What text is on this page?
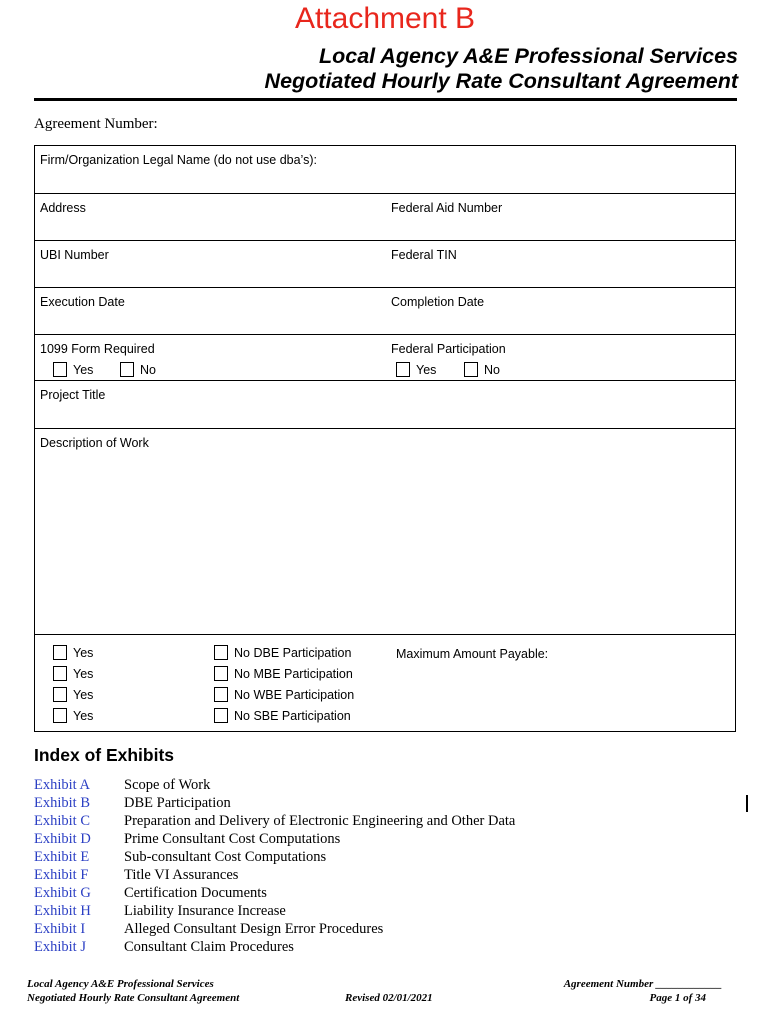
Attachment B
Local Agency A&E Professional Services
Negotiated Hourly Rate Consultant Agreement
Agreement Number:
Firm/Organization Legal Name (do not use dba’s):
Address	Federal Aid Number
UBI Number	Federal TIN
Execution Date	Completion Date
1099 Form Required	Federal Participation
Yes	No	Yes	No
Project Title
Description of Work
Maximum Amount Payable:
Yes	No DBE Participation
Yes	No MBE Participation
Yes	No WBE Participation
Yes	No SBE Participation
Index of Exhibits
Exhibit A Scope of Work
Exhibit B DBE Participation
Exhibit C Preparation and Delivery of Electronic Engineering and Other Data
Exhibit D Prime Consultant Cost Computations
Exhibit E Sub-consultant Cost Computations
Exhibit F Title VI Assurances
Exhibit G Certification Documents
Exhibit H Liability Insurance Increase
Exhibit I	Alleged Consultant Design Error Procedures
Exhibit J	Consultant Claim Procedures
Local Agency A&E Professional Services
Negotiated Hourly Rate Consultant Agreement	Revised 02/01/2021
Agreement Number ____________
Page 1 of 34
